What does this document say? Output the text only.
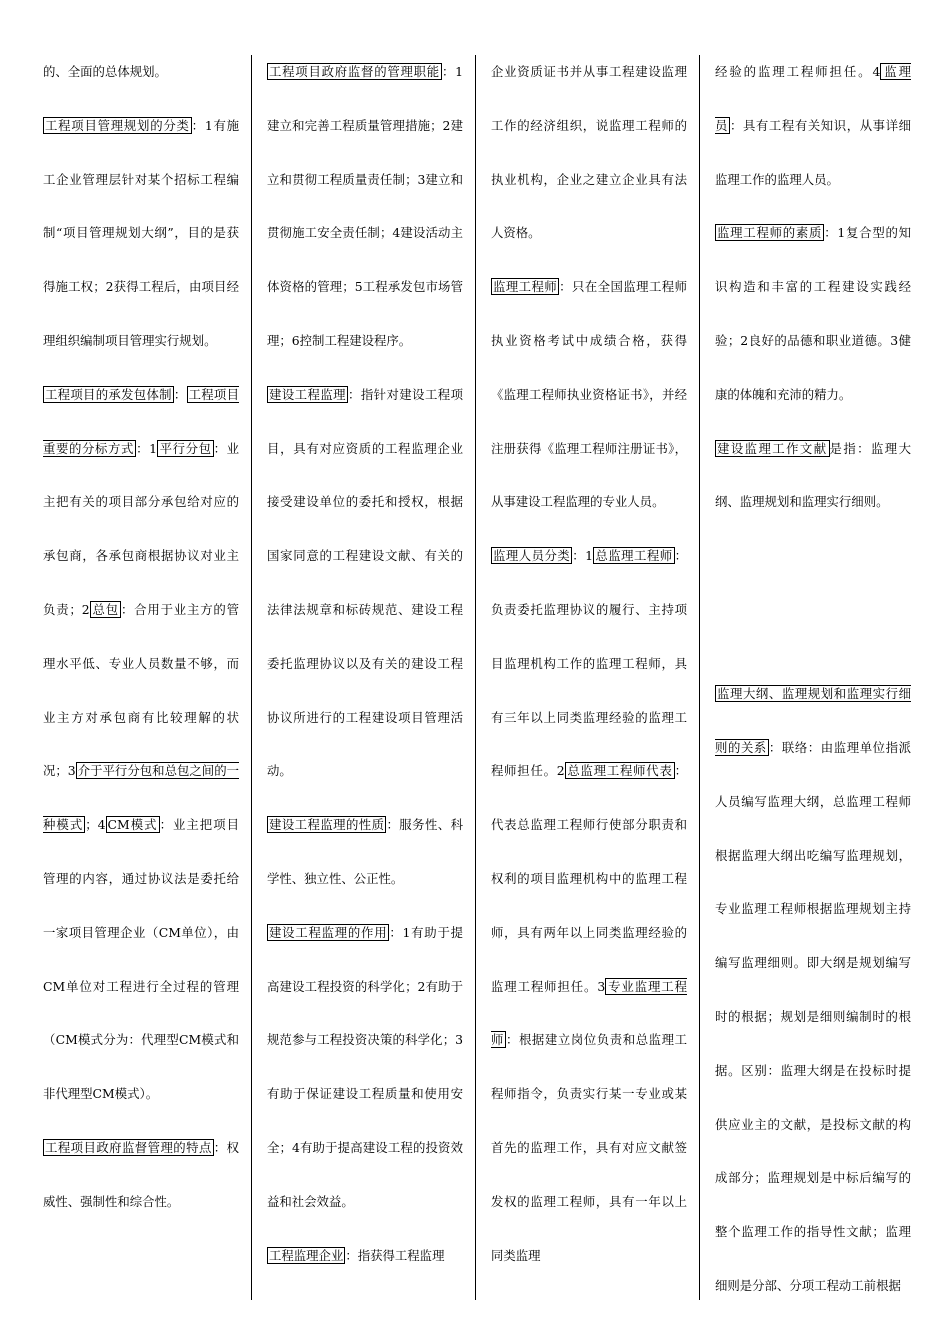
的、全面的总体规划。

工程项目管理规划的分类 ：1有施工企业管理层针对某个招标工程编制“项目管理规划大纲”，目的是获得施工权；2获得工程后，由项目经理组织编制项目管理实行规划。

工程项目的承发包体制 ： 工程项目重要的分标方式 ：1 平行分包 ：业主把有关的项目部分承包给对应的承包商，各承包商根据协议对业主负责；2 总包 ：合用于业主方的管理水平低、专业人员数量不够，而业主方对承包商有比较理解的状况；3 介于平行分包和总包之间的一种模式 ；4 CM模式 ：业主把项目管理的内容，通过协议法是委托给一家项目管理企业（CM单位），由CM单位对工程进行全过程的管理（CM模式分为：代理型CM模式和非代理型CM模式）。

工程项目政府监督管理的特点 ：权威性、强制性和综合性。

工程项目政府监督的管理职能 ：1建立和完善工程质量管理措施；2建立和贯彻工程质量责任制；3建立和贯彻施工安全责任制；4建设活动主体资格的管理；5工程承发包市场管理；6控制工程建设程序。

建设工程监理 ：指针对建设工程项目，具有对应资质的工程监理企业接受建设单位的委托和授权，根据国家同意的工程建设文献、有关的法律法规章和标砖规范、建设工程委托监理协议以及有关的建设工程协议所进行的工程建设项目管理活动。

建设工程监理的性质 ：服务性、科学性、独立性、公正性。

建设工程监理的作用 ：1有助于提高建设工程投资的科学化；2有助于规范参与工程投资决策的科学化；3有助于保证建设工程质量和使用安全；4有助于提高建设工程的投资效益和社会效益。

工程监理企业 ：指获得工程监理

企业资质证书并从事工程建设监理工作的经济组织，说监理工程师的执业机构，企业之建立企业具有法人资格。

监理工程师 ：只在全国监理工程师执业资格考试中成绩合格，获得《监理工程师执业资格证书》，并经注册获得《监理工程师注册证书》，从事建设工程监理的专业人员。

监理人员分类 ：1 总监理工程师 ：负责委托监理协议的履行、主持项目监理机构工作的监理工程师，具有三年以上同类监理经验的监理工程师担任。2 总监理工程师代表 ：代表总监理工程师行使部分职责和权利的项目监理机构中的监理工程师，具有两年以上同类监理经验的监理工程师担任。3 专业监理工程师 ：根据建立岗位负责和总监理工程师指令，负责实行某一专业或某首先的监理工作，具有对应文献签发权的监理工程师，具有一年以上同类监理

经验的监理工程师担任。4 监理员 ：具有工程有关知识，从事详细监理工作的监理人员。

监理工程师的素质 ：1复合型的知识构造和丰富的工程建设实践经验；2良好的品德和职业道德。3健康的体魄和充沛的精力。

建设监理工作文献 是指：监理大纲、监理规划和监理实行细则。

监理大纲、监理规划和监理实行细则的关系 ：联络：由监理单位指派人员编写监理大纲，总监理工程师根据监理大纲出吃编写监理规划，专业监理工程师根据监理规划主持编写监理细则。即大纲是规划编写时的根据；规划是细则编制时的根据。区别：监理大纲是在投标时提供应业主的文献，是投标文献的构成部分；监理规划是中标后编写的整个监理工作的指导性文献；监理细则是分部、分项工程动工前根据
